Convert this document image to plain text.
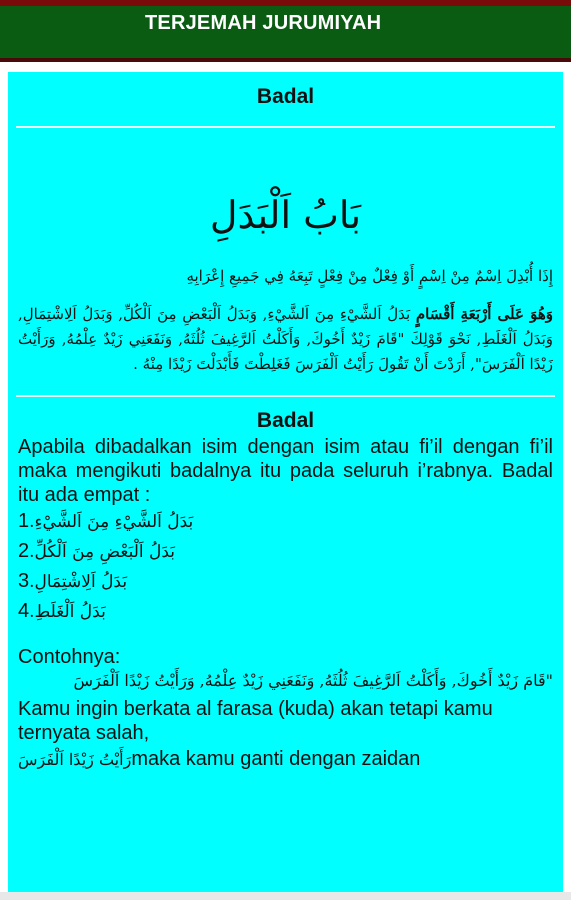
TERJEMAH JURUMIYAH
Badal
بَابُ اَلْبَدَلِ
إِذَا أُبْدِلَ اِسْمٌ مِنْ اِسْمٍ أَوْ فِعْلٌ مِنْ فِعْلٍ تَبِعَهُ فِي جَمِيعِ إِعْرَابِهِ
وَهُوَ عَلَى أَرْبَعَةِ أَقْسَامٍ بَدَلُ اَلشَّيْءِ مِنَ اَلشَّيْءِ, وَبَدَلُ اَلْبَعْضِ مِنَ اَلْكُلِّ, وَبَدَلُ اَلِاشْتِمَالِ, وَبَدَلُ اَلْغَلَطِ, نَحْوَ قَوْلِكَ "قَامَ زَيْدٌ أَخُوكَ, وَأَكَلْتُ اَلرَّغِيفَ ثُلُثَهُ, وَنَفَعَنِي زَيْدٌ عِلْمُهُ, وَرَأَيْتُ زَيْدًا اَلْفَرَسَ", أَرَدْتَ أَنْ تَقُولَ رَأَيْتُ اَلْفَرَسَ فَغَلِطْتَ فَأَبْدَلْتَ زَيْدًا مِنْهُ .
Badal
Apabila dibadalkan isim dengan isim atau fi’il dengan fi’il maka mengikuti badalnya itu pada seluruh i’rabnya. Badal itu ada empat :
1بَدَلُ اَلشَّيْءِ مِنَ اَلشَّيْءِ.
2بَدَلُ اَلْبَعْضِ مِنَ اَلْكُلِّ.
3بَدَلُ اَلِاشْتِمَالِ.
4بَدَلُ اَلْغَلَطِ.
Contohnya:
"قَامَ زَيْدٌ أَخُوكَ, وَأَكَلْتُ اَلرَّغِيفَ ثُلُثَهُ, وَنَفَعَنِي زَيْدٌ عِلْمُهُ, وَرَأَيْتُ زَيْدًا اَلْفَرَسَ
Kamu ingin berkata al farasa (kuda) akan tetapi kamu ternyata salah,
رَأَيْتُ زَيْدًا اَلْفَرَسَmaka kamu ganti dengan zaidan
